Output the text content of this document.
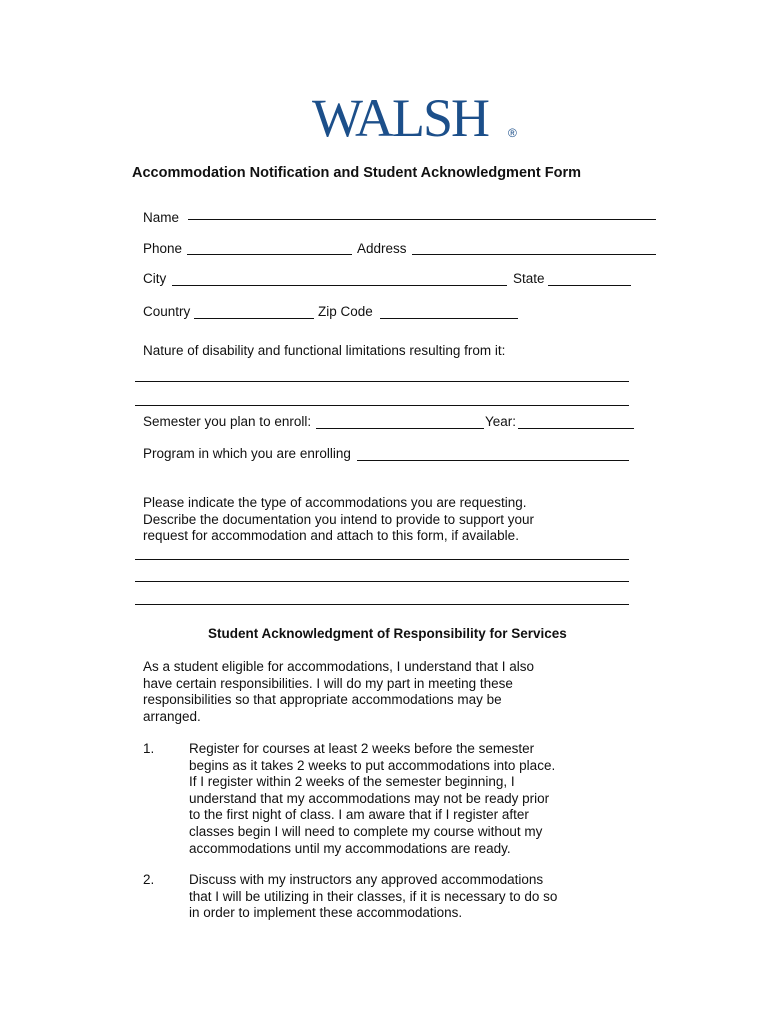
WALSH ®
Accommodation Notification and Student Acknowledgment Form
Name
Phone	Address
City	State
Country	Zip Code
Nature of disability and functional limitations resulting from it:
Semester you plan to enroll:	Year:
Program in which you are enrolling
Please indicate the type of accommodations you are requesting.
Describe the documentation you intend to provide to support your
request for accommodation and attach to this form, if available.
Student Acknowledgment of Responsibility for Services
As a student eligible for accommodations, I understand that I also
have certain responsibilities. I will do my part in meeting these
responsibilities so that appropriate accommodations may be
arranged.
1.	Register for courses at least 2 weeks before the semester
begins as it takes 2 weeks to put accommodations into place.
If I register within 2 weeks of the semester beginning, I
understand that my accommodations may not be ready prior
to the first night of class. I am aware that if I register after
classes begin I will need to complete my course without my
accommodations until my accommodations are ready.
2.	Discuss with my instructors any approved accommodations
that I will be utilizing in their classes, if it is necessary to do so
in order to implement these accommodations.
